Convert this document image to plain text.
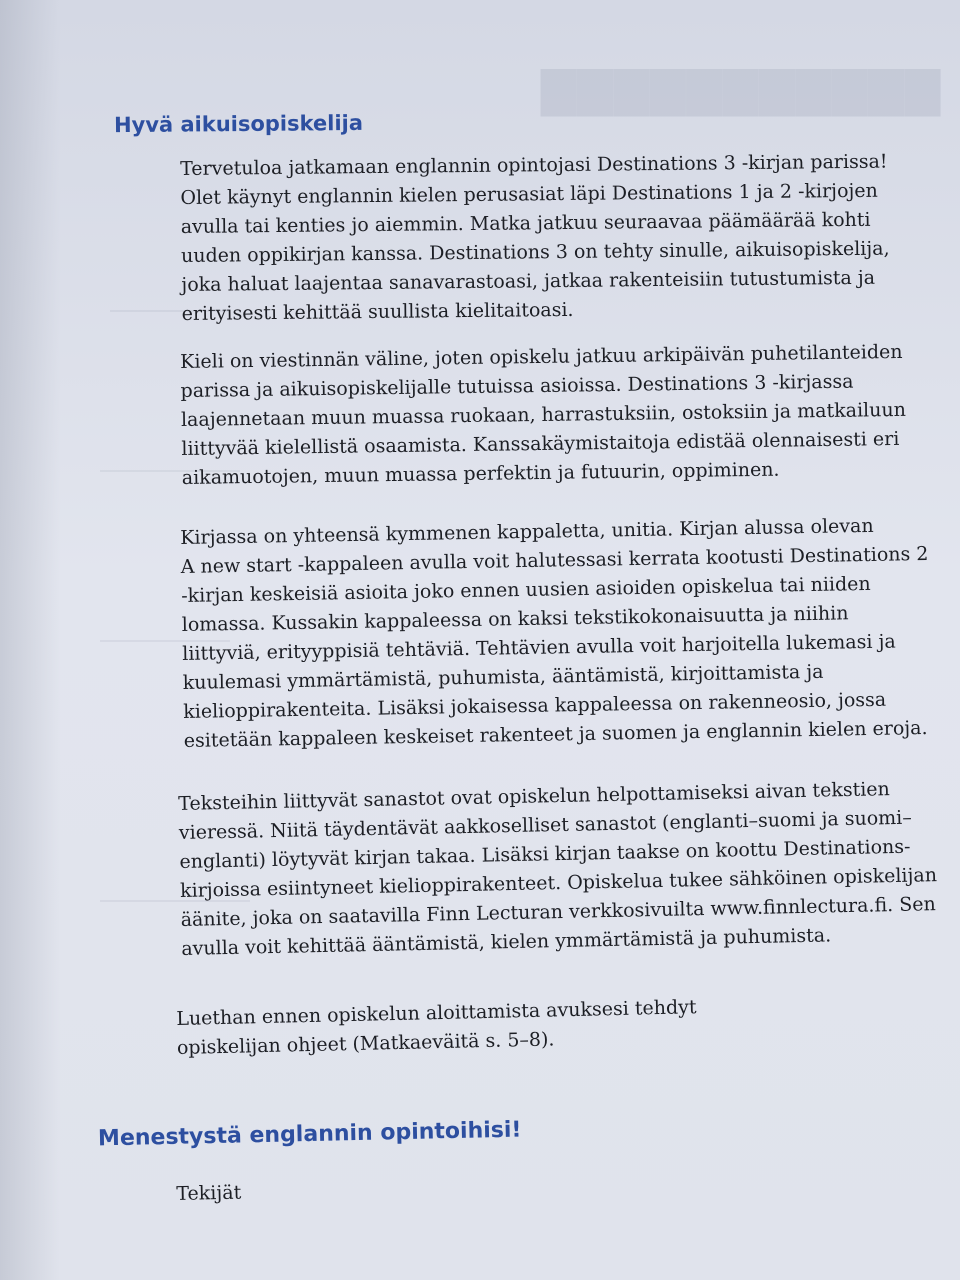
▇▇▇▇▇▇▇▇▇▇▇
Hyvä aikuisopiskelija
Tervetuloa jatkamaan englannin opintojasi Destinations 3 -kirjan parissa!
Olet käynyt englannin kielen perusasiat läpi Destinations 1 ja 2 -kirjojen
avulla tai kenties jo aiemmin. Matka jatkuu seuraavaa päämäärää kohti
uuden oppikirjan kanssa. Destinations 3 on tehty sinulle, aikuisopiskelija,
joka haluat laajentaa sanavarastoasi, jatkaa rakenteisiin tutustumista ja
erityisesti kehittää suullista kielitaitoasi.
Kieli on viestinnän väline, joten opiskelu jatkuu arkipäivän puhetilanteiden
parissa ja aikuisopiskelijalle tutuissa asioissa. Destinations 3 -kirjassa
laajennetaan muun muassa ruokaan, harrastuksiin, ostoksiin ja matkailuun
liittyvää kielellistä osaamista. Kanssakäymistaitoja edistää olennaisesti eri
aikamuotojen, muun muassa perfektin ja futuurin, oppiminen.
Kirjassa on yhteensä kymmenen kappaletta, unitia. Kirjan alussa olevan
A new start -kappaleen avulla voit halutessasi kerrata kootusti Destinations 2
-kirjan keskeisiä asioita joko ennen uusien asioiden opiskelua tai niiden
lomassa. Kussakin kappaleessa on kaksi tekstikokonaisuutta ja niihin
liittyviä, erityyppisiä tehtäviä. Tehtävien avulla voit harjoitella lukemasi ja
kuulemasi ymmärtämistä, puhumista, ääntämistä, kirjoittamista ja
kielioppirakenteita. Lisäksi jokaisessa kappaleessa on rakenneosio, jossa
esitetään kappaleen keskeiset rakenteet ja suomen ja englannin kielen eroja.
Teksteihin liittyvät sanastot ovat opiskelun helpottamiseksi aivan tekstien
vieressä. Niitä täydentävät aakkoselliset sanastot (englanti–suomi ja suomi–
englanti) löytyvät kirjan takaa. Lisäksi kirjan taakse on koottu Destinations-
kirjoissa esiintyneet kielioppirakenteet. Opiskelua tukee sähköinen opiskelijan
äänite, joka on saatavilla Finn Lecturan verkkosivuilta www.finnlectura.fi. Sen
avulla voit kehittää ääntämistä, kielen ymmärtämistä ja puhumista.
Luethan ennen opiskelun aloittamista avuksesi tehdyt
opiskelijan ohjeet (Matkaeväitä s. 5–8).
Menestystä englannin opintoihisi!
Tekijät
